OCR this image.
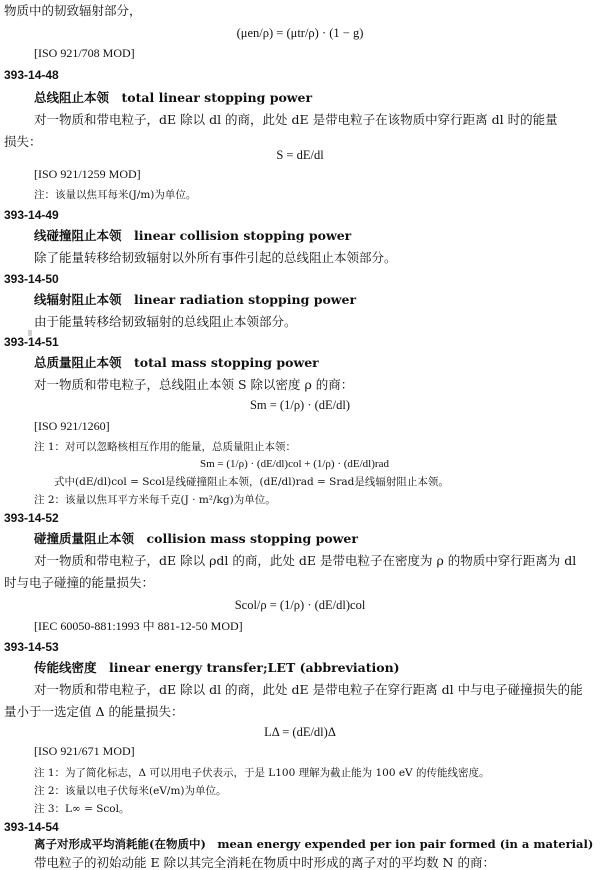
物质中的韧致辐射部分，
(μen/ρ) = (μtr/ρ) · (1 − g)
[ISO 921/708 MOD]
393-14-48
总线阻止本领　total linear stopping power
对一物质和带电粒子，dE 除以 dl 的商，此处 dE 是带电粒子在该物质中穿行距离 dl 时的能量
损失：
S = dE/dl
[ISO 921/1259 MOD]
注：该量以焦耳每米(J/m)为单位。
393-14-49
线碰撞阻止本领　linear collision stopping power
除了能量转移给韧致辐射以外所有事件引起的总线阻止本领部分。
393-14-50
线辐射阻止本领　linear radiation stopping power
由于能量转移给韧致辐射的总线阻止本领部分。
393-14-51
总质量阻止本领　total mass stopping power
对一物质和带电粒子，总线阻止本领 S 除以密度 ρ 的商：
Sm = (1/ρ) · (dE/dl)
[ISO 921/1260]
注 1：对可以忽略核相互作用的能量，总质量阻止本领：
Sm = (1/ρ) · (dE/dl)col + (1/ρ) · (dE/dl)rad
式中(dE/dl)col = Scol是线碰撞阻止本领，(dE/dl)rad = Srad是线辐射阻止本领。
注 2：该量以焦耳平方米每千克(J · m²/kg)为单位。
393-14-52
碰撞质量阻止本领　collision mass stopping power
对一物质和带电粒子，dE 除以 ρdl 的商，此处 dE 是带电粒子在密度为 ρ 的物质中穿行距离为 dl
时与电子碰撞的能量损失：
Scol/ρ = (1/ρ) · (dE/dl)col
[IEC 60050-881:1993 中 881-12-50 MOD]
393-14-53
传能线密度　linear energy transfer;LET (abbreviation)
对一物质和带电粒子，dE 除以 dl 的商，此处 dE 是带电粒子在穿行距离 dl 中与电子碰撞损失的能
量小于一选定值 Δ 的能量损失：
LΔ = (dE/dl)Δ
[ISO 921/671 MOD]
注 1：为了简化标志，Δ 可以用电子伏表示，于是 L100 理解为截止能为 100 eV 的传能线密度。
注 2：该量以电子伏每米(eV/m)为单位。
注 3：L∞ = Scol。
393-14-54
离子对形成平均消耗能(在物质中)　mean energy expended per ion pair formed (in a material)
带电粒子的初始动能 E 除以其完全消耗在物质中时形成的离子对的平均数 N 的商：
